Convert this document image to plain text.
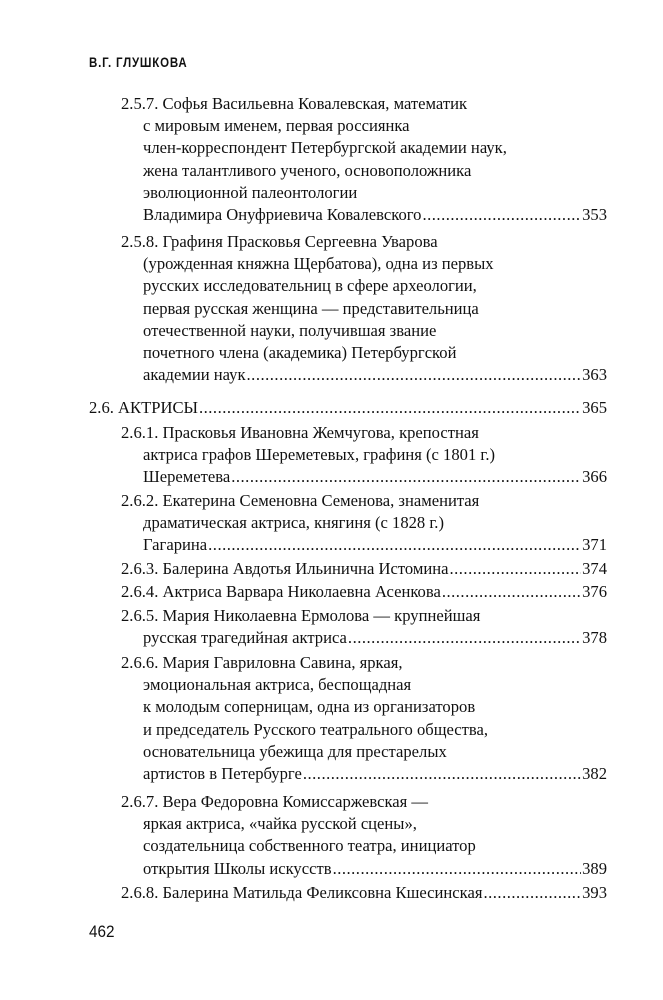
В.Г. ГЛУШКОВА
2.5.7. Софья Васильевна Ковалевская, математик
с мировым именем, первая россиянка
член-корреспондент Петербургской академии наук,
жена талантливого ученого, основоположника
эволюционной палеонтологии
Владимира Онуфриевича Ковалевского .....	353
2.5.8. Графиня Прасковья Сергеевна Уварова
(урожденная княжна Щербатова), одна из первых
русских исследовательниц в сфере археологии,
первая русская женщина — представительница
отечественной науки, получившая звание
почетного члена (академика) Петербургской
академии наук .....	363
2.6. АКТРИСЫ .....	365
2.6.1. Прасковья Ивановна Жемчугова, крепостная
актриса графов Шереметевых, графиня (с 1801 г.)
Шереметева .....	366
2.6.2. Екатерина Семеновна Семенова, знаменитая
драматическая актриса, княгиня (с 1828 г.)
Гагарина .....	371
2.6.3. Балерина Авдотья Ильинична Истомина .....	374
2.6.4. Актриса Варвара Николаевна Асенкова .....	376
2.6.5. Мария Николаевна Ермолова — крупнейшая
русская трагедийная актриса .....	378
2.6.6. Мария Гавриловна Савина, яркая,
эмоциональная актриса, беспощадная
к молодым соперницам, одна из организаторов
и председатель Русского театрального общества,
основательница убежища для престарелых
артистов в Петербурге .....	382
2.6.7. Вера Федоровна Комиссаржевская —
яркая актриса, «чайка русской сцены»,
создательница собственного театра, инициатор
открытия Школы искусств .....	389
2.6.8. Балерина Матильда Феликсовна Кшесинская .....	393
462
